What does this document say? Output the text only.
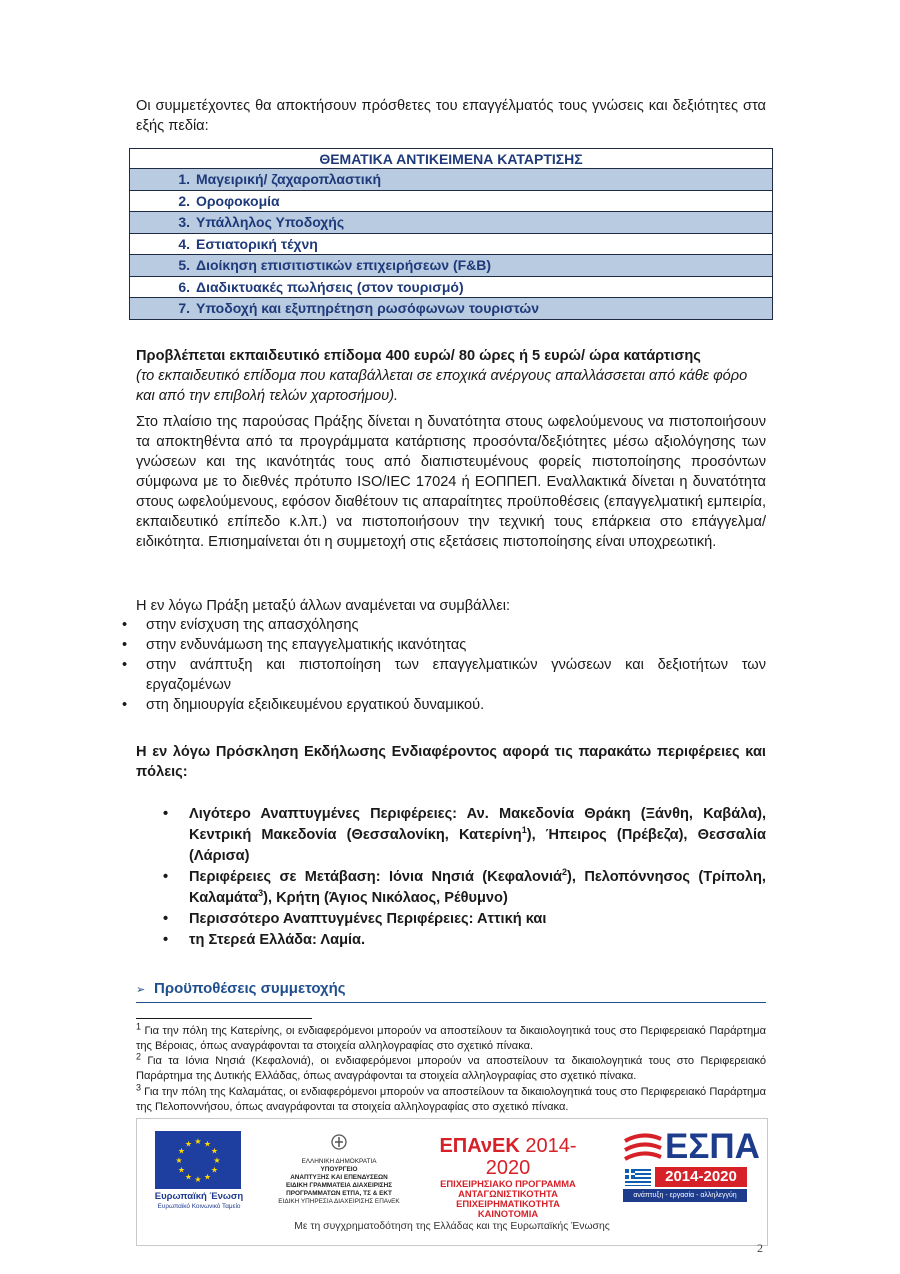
Οι συμμετέχοντες θα αποκτήσουν πρόσθετες του επαγγέλματός τους γνώσεις και δεξιότητες στα εξής πεδία:

ΘΕΜΑΤΙΚΑ ΑΝΤΙΚΕΙΜΕΝΑ ΚΑΤΑΡΤΙΣΗΣ
1. Μαγειρική/ ζαχαροπλαστική
2. Οροφοκομία
3. Υπάλληλος Υποδοχής
4. Εστιατορική τέχνη
5. Διοίκηση επισιτιστικών επιχειρήσεων (F&B)
6. Διαδικτυακές πωλήσεις (στον τουρισμό)
7. Υποδοχή και εξυπηρέτηση ρωσόφωνων τουριστών

Προβλέπεται εκπαιδευτικό επίδομα 400 ευρώ/ 80 ώρες ή 5 ευρώ/ ώρα κατάρτισης

(το εκπαιδευτικό επίδομα που καταβάλλεται σε εποχικά ανέργους απαλλάσσεται από κάθε φόρο και από την επιβολή τελών χαρτοσήμου).

Στο πλαίσιο της παρούσας Πράξης δίνεται η δυνατότητα στους ωφελούμενους να πιστοποιήσουν τα αποκτηθέντα από τα προγράμματα κατάρτισης προσόντα/δεξιότητες μέσω αξιολόγησης των γνώσεων και της ικανότητάς τους από διαπιστευμένους φορείς πιστοποίησης προσόντων σύμφωνα με το διεθνές πρότυπο ISO/IEC 17024 ή ΕΟΠΠΕΠ. Εναλλακτικά δίνεται η δυνατότητα στους ωφελούμενους, εφόσον διαθέτουν τις απαραίτητες προϋποθέσεις (επαγγελματική εμπειρία, εκπαιδευτικό επίπεδο κ.λπ.) να πιστοποιήσουν την τεχνική τους επάρκεια στο επάγγελμα/ειδικότητα. Επισημαίνεται ότι η συμμετοχή στις εξετάσεις πιστοποίησης είναι υποχρεωτική.

Η εν λόγω Πράξη μεταξύ άλλων αναμένεται να συμβάλλει:

• στην ενίσχυση της απασχόλησης
• στην ενδυνάμωση της επαγγελματικής ικανότητας
• στην ανάπτυξη και πιστοποίηση των επαγγελματικών γνώσεων και δεξιοτήτων των εργαζομένων
• στη δημιουργία εξειδικευμένου εργατικού δυναμικού.

Η εν λόγω Πρόσκληση Εκδήλωσης Ενδιαφέροντος αφορά τις παρακάτω περιφέρειες και πόλεις:

• Λιγότερο Αναπτυγμένες Περιφέρειες: Αν. Μακεδονία Θράκη (Ξάνθη, Καβάλα), Κεντρική Μακεδονία (Θεσσαλονίκη, Κατερίνη$^1$), Ήπειρος (Πρέβεζα), Θεσσαλία (Λάρισα)
• Περιφέρειες σε Μετάβαση: Ιόνια Νησιά (Κεφαλονιά$^2$), Πελοπόννησος (Τρίπολη, Καλαμάτα$^3$), Κρήτη (Άγιος Νικόλαος, Ρέθυμνο)
• Περισσότερο Αναπτυγμένες Περιφέρειες: Αττική και
• τη Στερεά Ελλάδα: Λαμία.
➢ Προϋποθέσεις συμμετοχής

$^1$ Για την πόλη της Κατερίνης, οι ενδιαφερόμενοι μπορούν να αποστείλουν τα δικαιολογητικά τους στο Περιφερειακό Παράρτημα της Βέροιας, όπως αναγράφονται τα στοιχεία αλληλογραφίας στο σχετικό πίνακα.

$^2$ Για τα Ιόνια Νησιά (Κεφαλονιά), οι ενδιαφερόμενοι μπορούν να αποστείλουν τα δικαιολογητικά τους στο Περιφερειακό Παράρτημα της Δυτικής Ελλάδας, όπως αναγράφονται τα στοιχεία αλληλογραφίας στο σχετικό πίνακα.

$^3$ Για την πόλη της Καλαμάτας, οι ενδιαφερόμενοι μπορούν να αποστείλουν τα δικαιολογητικά τους στο Περιφερειακό Παράρτημα της Πελοποννήσου, όπως αναγράφονται τα στοιχεία αλληλογραφίας στο σχετικό πίνακα.

★ ★
★
★
★
★
★
★
★
★
★
★
Ευρωπαϊκή Ένωση
Ευρωπαϊκό Κοινωνικό Ταμείο
ΕΛΛΗΝΙΚΗ ΔΗΜΟΚΡΑΤΙΑ
ΥΠΟΥΡΓΕΙΟ
ΑΝΑΠΤΥΞΗΣ ΚΑΙ ΕΠΕΝΔΥΣΕΩΝ
ΕΙΔΙΚΗ ΓΡΑΜΜΑΤΕΙΑ ΔΙΑΧΕΙΡΙΣΗΣ
ΠΡΟΓΡΑΜΜΑΤΩΝ ΕΤΠΑ, ΤΣ & ΕΚΤ
ΕΙΔΙΚΗ ΥΠΗΡΕΣΙΑ ΔΙΑΧΕΙΡΙΣΗΣ ΕΠΑνΕΚ
ΕΠΑνΕΚ 2014-2020
ΕΠΙΧΕΙΡΗΣΙΑΚΟ ΠΡΟΓΡΑΜΜΑ
ΑΝΤΑΓΩΝΙΣΤΙΚΟΤΗΤΑ
ΕΠΙΧΕΙΡΗΜΑΤΙΚΟΤΗΤΑ
ΚΑΙΝΟΤΟΜΙΑ
ΕΣΠΑ
2014-2020
ανάπτυξη - εργασία - αλληλεγγύη
Με τη συγχρηματοδότηση της Ελλάδας και της Ευρωπαϊκής Ένωσης
2
